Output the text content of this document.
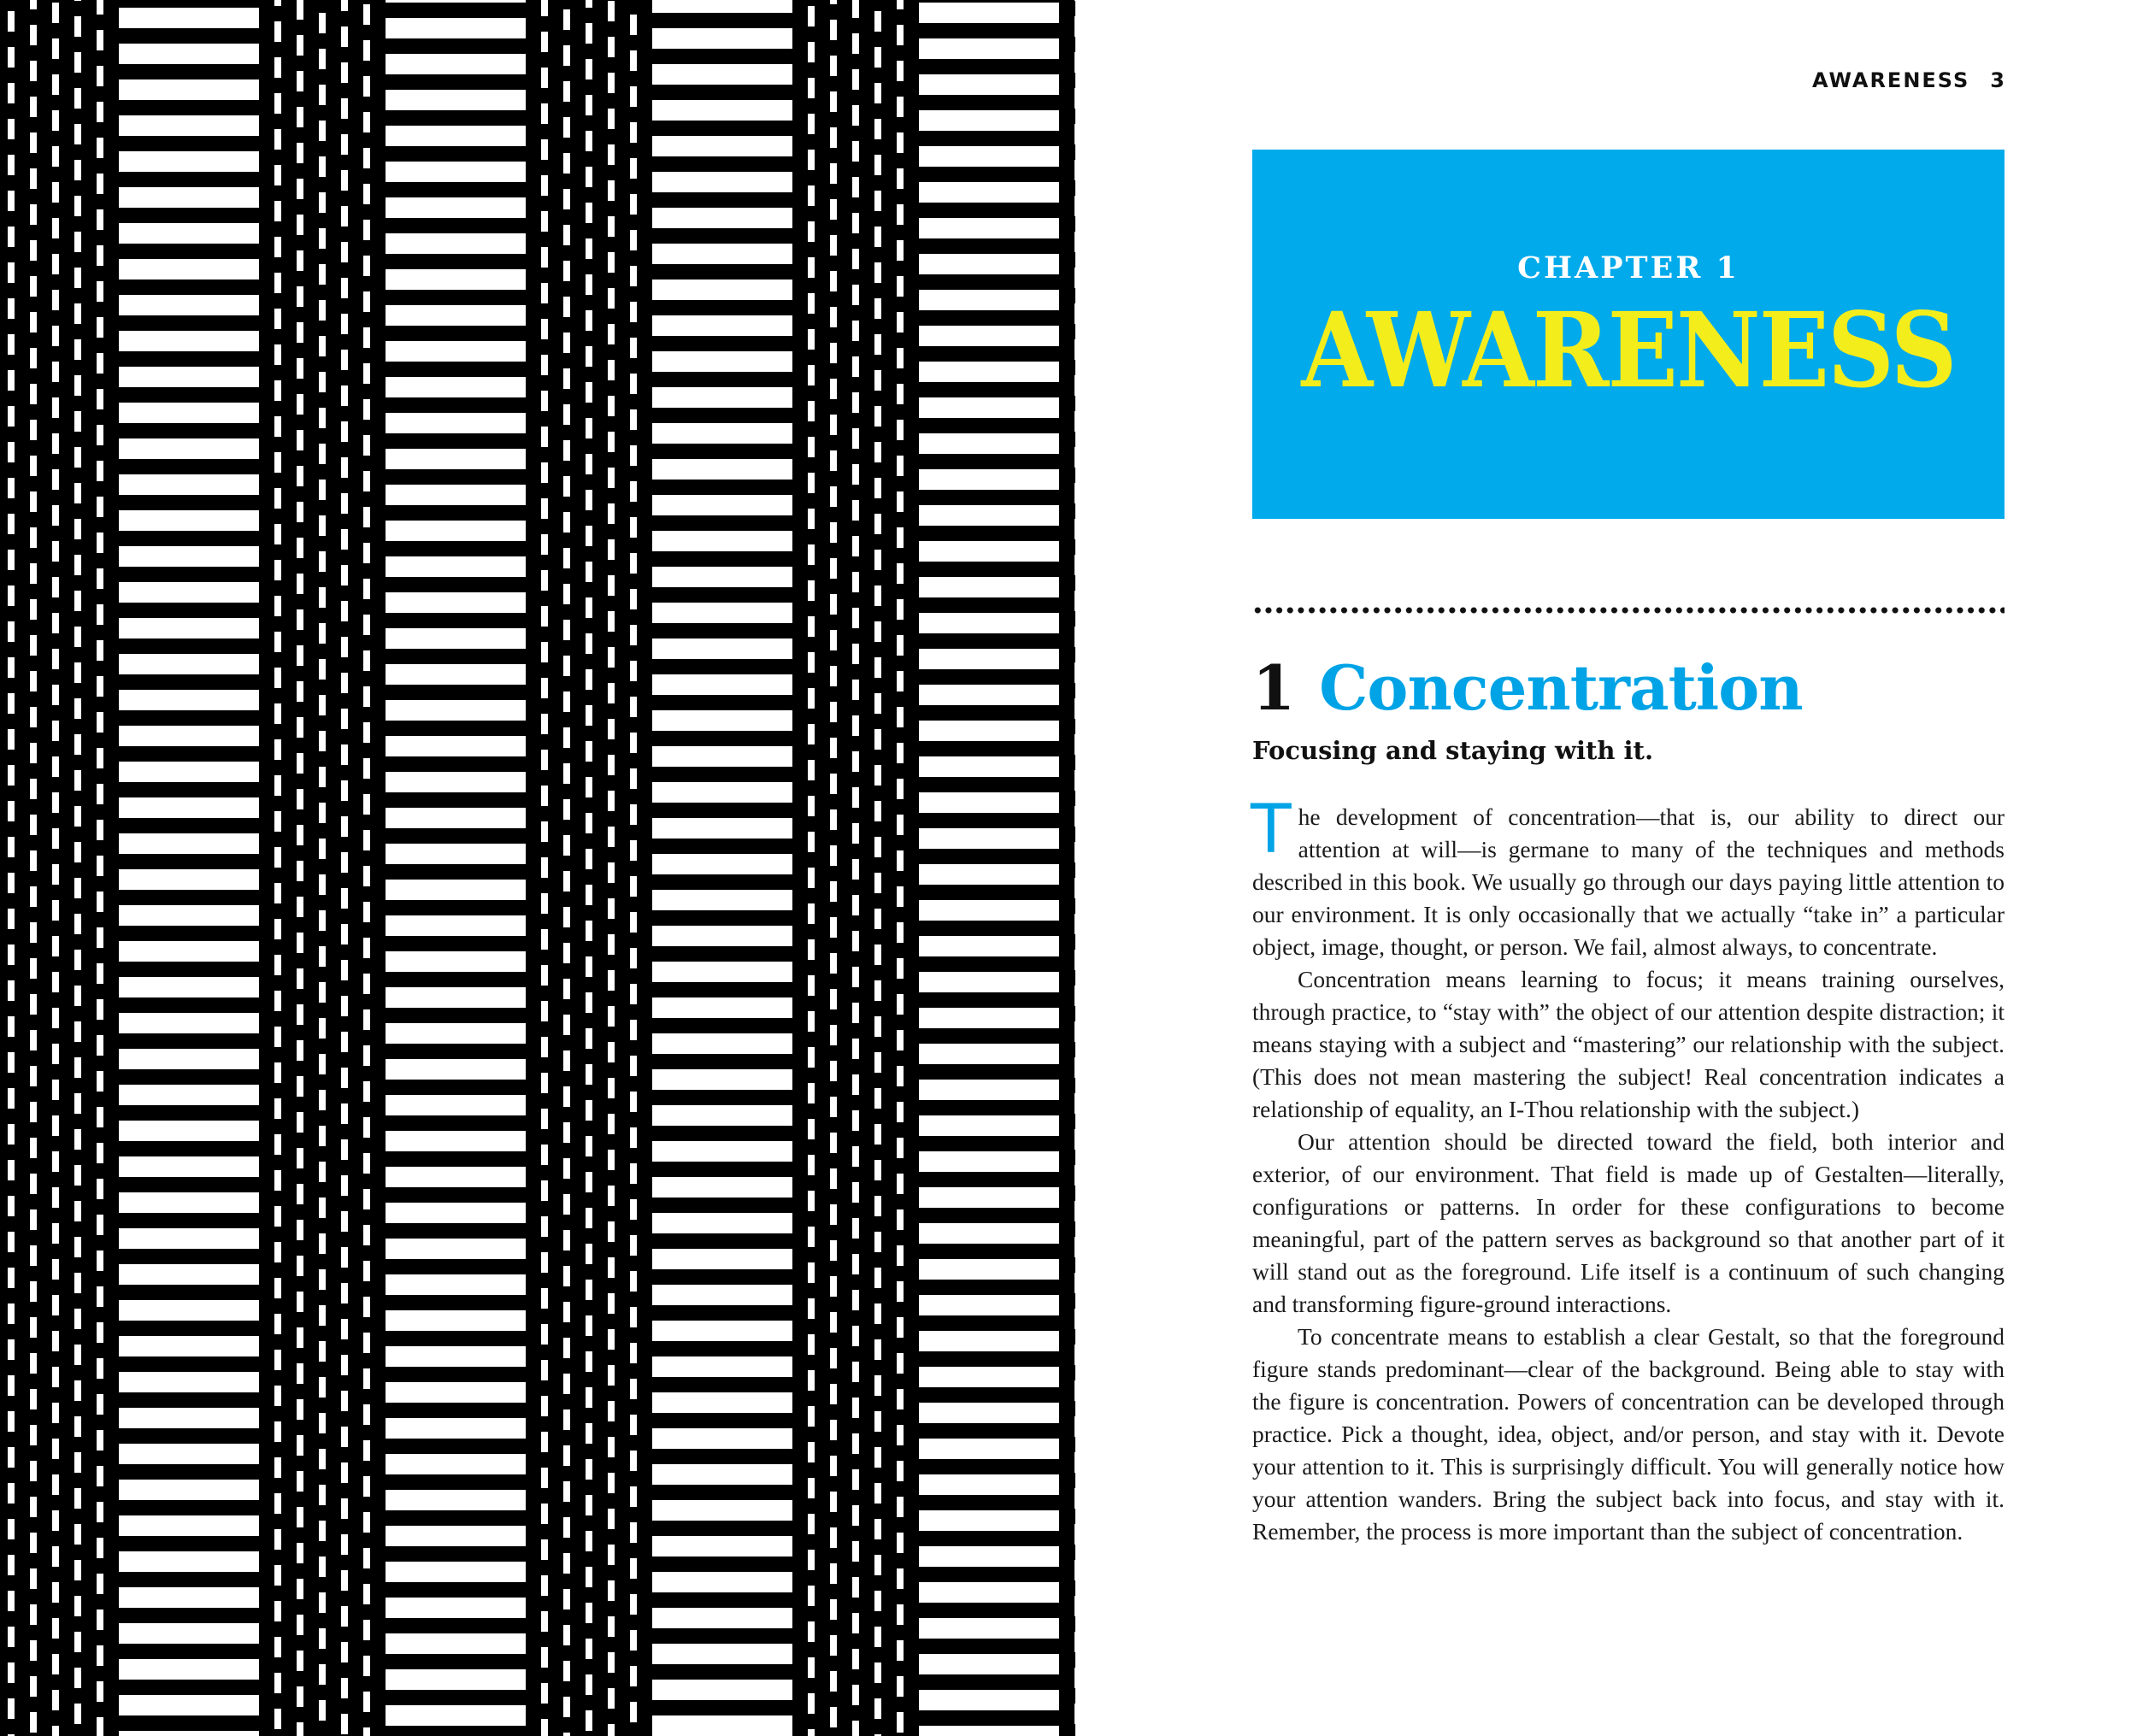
AWARENESS 3
CHAPTER 1
AWARENESS
1 Concentration
Focusing and staying with it.

The development of concentration—that is, our ability to direct our attention at will—is germane to many of the techniques and methods described in this book. We usually go through our days paying little attention to our environment. It is only occasionally that we actually “take in” a particular object, image, thought, or person. We fail, almost always, to concentrate.

Concentration means learning to focus; it means training ourselves, through practice, to “stay with” the object of our attention despite distraction; it means staying with a subject and “mastering” our relationship with the subject. (This does not mean mastering the subject! Real concentration indicates a relationship of equality, an I-Thou relationship with the subject.)

Our attention should be directed toward the field, both interior and exterior, of our environment. That field is made up of Gestalten—literally, configurations or patterns. In order for these configurations to become meaningful, part of the pattern serves as background so that another part of it will stand out as the foreground. Life itself is a continuum of such changing and transforming figure-ground interactions.

To concentrate means to establish a clear Gestalt, so that the foreground figure stands predominant—clear of the background. Being able to stay with the figure is concentration. Powers of concentration can be developed through practice. Pick a thought, idea, object, and/or person, and stay with it. Devote your attention to it. This is surprisingly difficult. You will generally notice how your attention wanders. Bring the subject back into focus, and stay with it. Remember, the process is more important than the subject of concentration.
